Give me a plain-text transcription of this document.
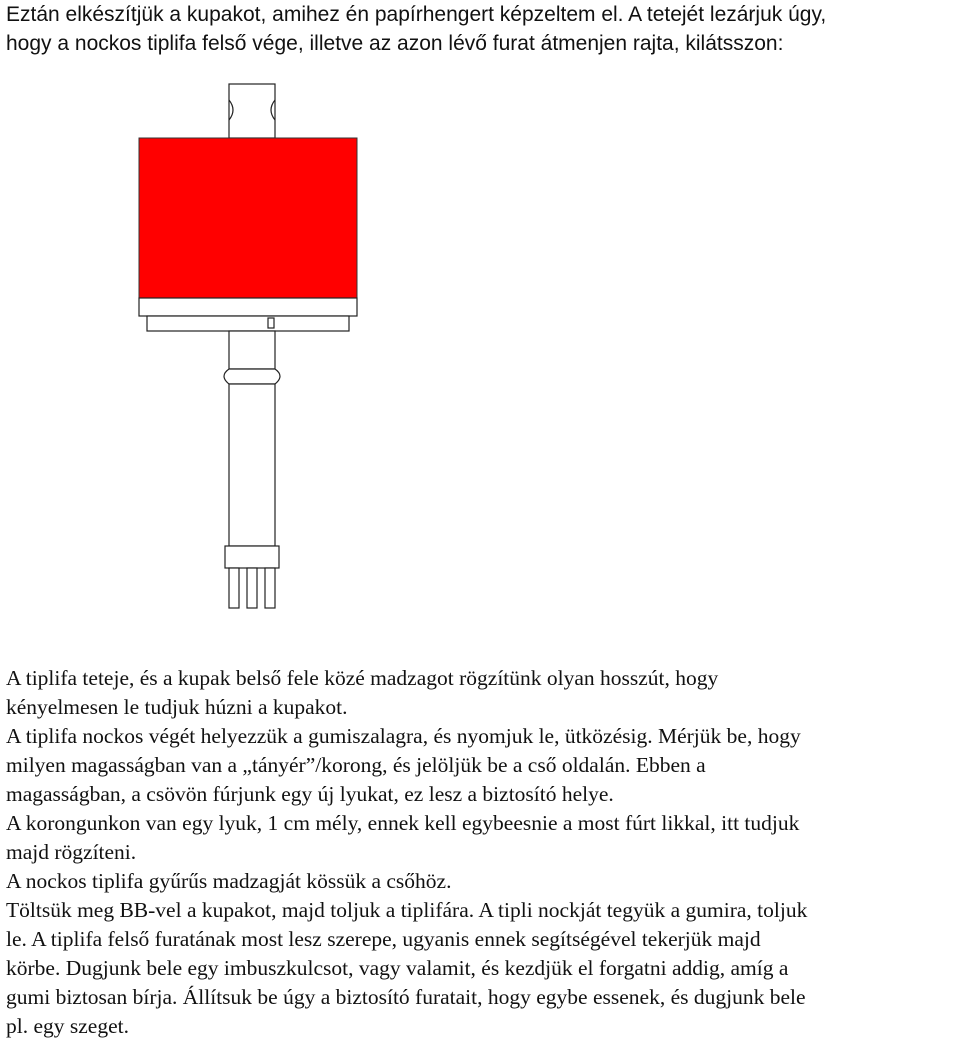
Eztán elkészítjük a kupakot, amihez én papírhengert képzeltem el. A tetejét lezárjuk úgy,
hogy a nockos tiplifa felső vége, illetve az azon lévő furat átmenjen rajta, kilátsszon:
A tiplifa teteje, és a kupak belső fele közé madzagot rögzítünk olyan hosszút, hogy
kényelmesen le tudjuk húzni a kupakot.
A tiplifa nockos végét helyezzük a gumiszalagra, és nyomjuk le, ütközésig. Mérjük be, hogy
milyen magasságban van a „tányér”/korong, és jelöljük be a cső oldalán. Ebben a
magasságban, a csövön fúrjunk egy új lyukat, ez lesz a biztosító helye.
A korongunkon van egy lyuk, 1 cm mély, ennek kell egybeesnie a most fúrt likkal, itt tudjuk
majd rögzíteni.
A nockos tiplifa gyűrűs madzagját kössük a csőhöz.
Töltsük meg BB-vel a kupakot, majd toljuk a tiplifára. A tipli nockját tegyük a gumira, toljuk
le. A tiplifa felső furatának most lesz szerepe, ugyanis ennek segítségével tekerjük majd
körbe. Dugjunk bele egy imbuszkulcsot, vagy valamit, és kezdjük el forgatni addig, amíg a
gumi biztosan bírja. Állítsuk be úgy a biztosító furatait, hogy egybe essenek, és dugjunk bele
pl. egy szeget.
